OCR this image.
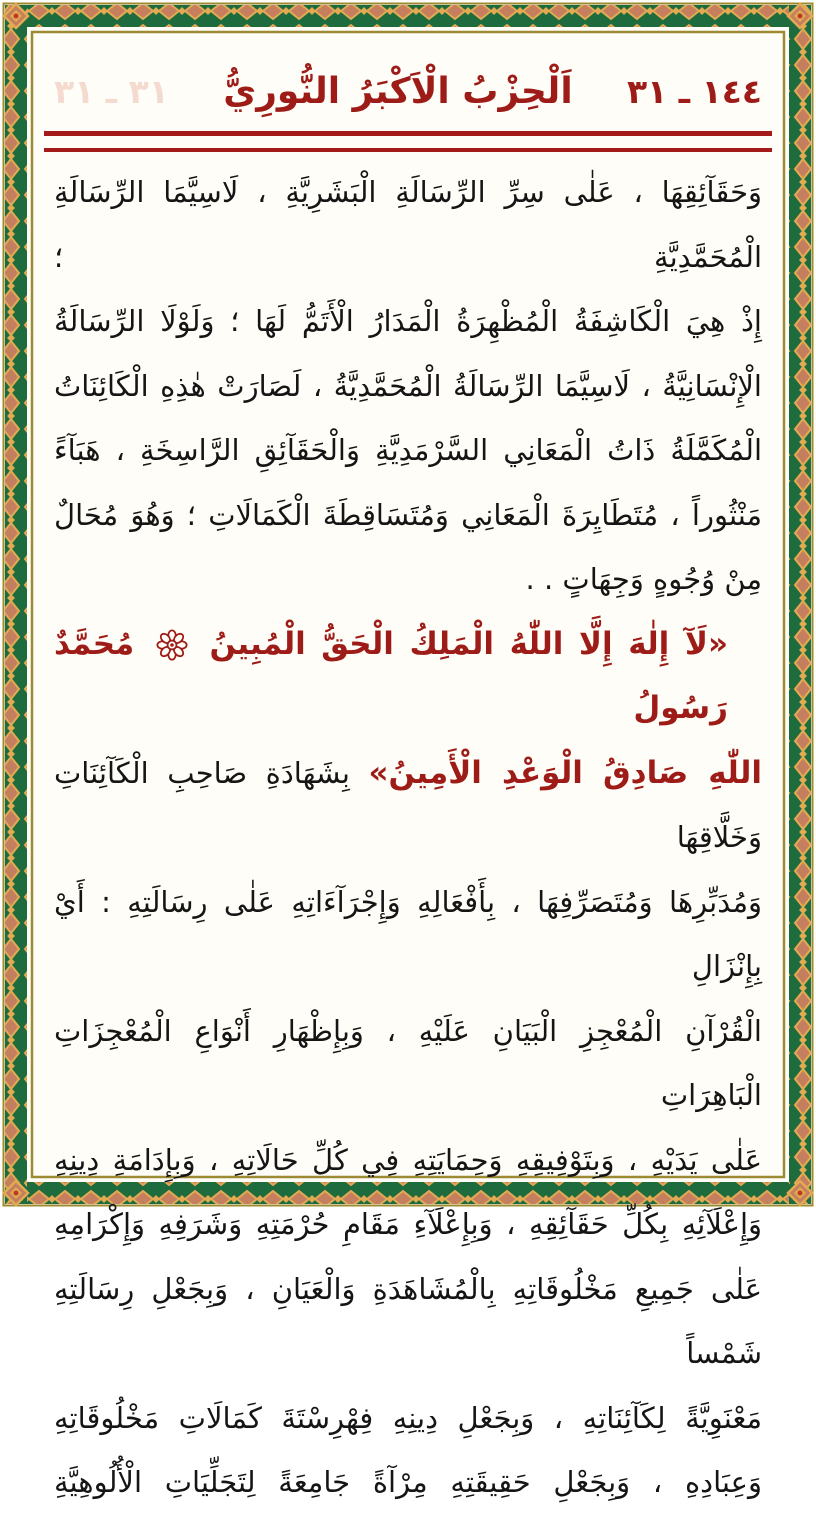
١٤٤ ـ ٣١
اَلْحِزْبُ الْاَكْبَرُ النُّورِيُّ
٣١ ـ ٣١
وَحَقَآئِقِهَا ، عَلٰى سِرِّ الرِّسَالَةِ الْبَشَرِيَّةِ ، لَاسِيَّمَا الرِّسَالَةِ الْمُحَمَّدِيَّةِ ؛
إِذْ هِيَ الْكَاشِفَةُ الْمُظْهِرَةُ الْمَدَارُ الْأَتَمُّ لَهَا ؛ وَلَوْلَا الرِّسَالَةُ
الْإِنْسَانِيَّةُ ، لَاسِيَّمَا الرِّسَالَةُ الْمُحَمَّدِيَّةُ ، لَصَارَتْ هٰذِهِ الْكَائِنَاتُ
الْمُكَمَّلَةُ ذَاتُ الْمَعَانِي السَّرْمَدِيَّةِ وَالْحَقَآئِقِ الرَّاسِخَةِ ، هَبَآءً
مَنْثُوراً ، مُتَطَايِرَةَ الْمَعَانِي وَمُتَسَاقِطَةَ الْكَمَالَاتِ ؛ وَهُوَ مُحَالٌ
مِنْ وُجُوهٍ وَجِهَاتٍ . .
«لَآ إِلٰهَ إِلَّا اللّٰهُ الْمَلِكُ الْحَقُّ الْمُبِينُ  مُحَمَّدٌ رَسُولُ
اللّٰهِ صَادِقُ الْوَعْدِ الْأَمِينُ» بِشَهَادَةِ صَاحِبِ الْكَآئِنَاتِ وَخَلَّاقِهَا
وَمُدَبِّرِهَا وَمُتَصَرِّفِهَا ، بِأَفْعَالِهِ وَإِجْرَآءَاتِهِ عَلٰى رِسَالَتِهِ : أَيْ بِإِنْزَالِ
الْقُرْآنِ الْمُعْجِزِ الْبَيَانِ عَلَيْهِ ، وَبِإِظْهَارِ أَنْوَاعِ الْمُعْجِزَاتِ الْبَاهِرَاتِ
عَلٰى يَدَيْهِ ، وَبِتَوْفِيقِهِ وَحِمَايَتِهِ فِي كُلِّ حَالَاتِهِ ، وَبِإِدَامَةِ دِينِهِ
وَإِعْلَآئِهِ بِكُلِّ حَقَآئِقِهِ ، وَبِإِعْلَآءِ مَقَامِ حُرْمَتِهِ وَشَرَفِهِ وَإِكْرَامِهِ
عَلٰى جَمِيعِ مَخْلُوقَاتِهِ بِالْمُشَاهَدَةِ وَالْعَيَانِ ، وَبِجَعْلِ رِسَالَتِهِ شَمْساً
مَعْنَوِيَّةً لِكَآئِنَاتِهِ ، وَبِجَعْلِ دِينِهِ فِهْرِسْتَةَ كَمَالَاتِ مَخْلُوقَاتِهِ
وَعِبَادِهِ ، وَبِجَعْلِ حَقِيقَتِهِ مِرْآةً جَامِعَةً لِتَجَلِّيَاتِ الْأُلُوهِيَّةِ
